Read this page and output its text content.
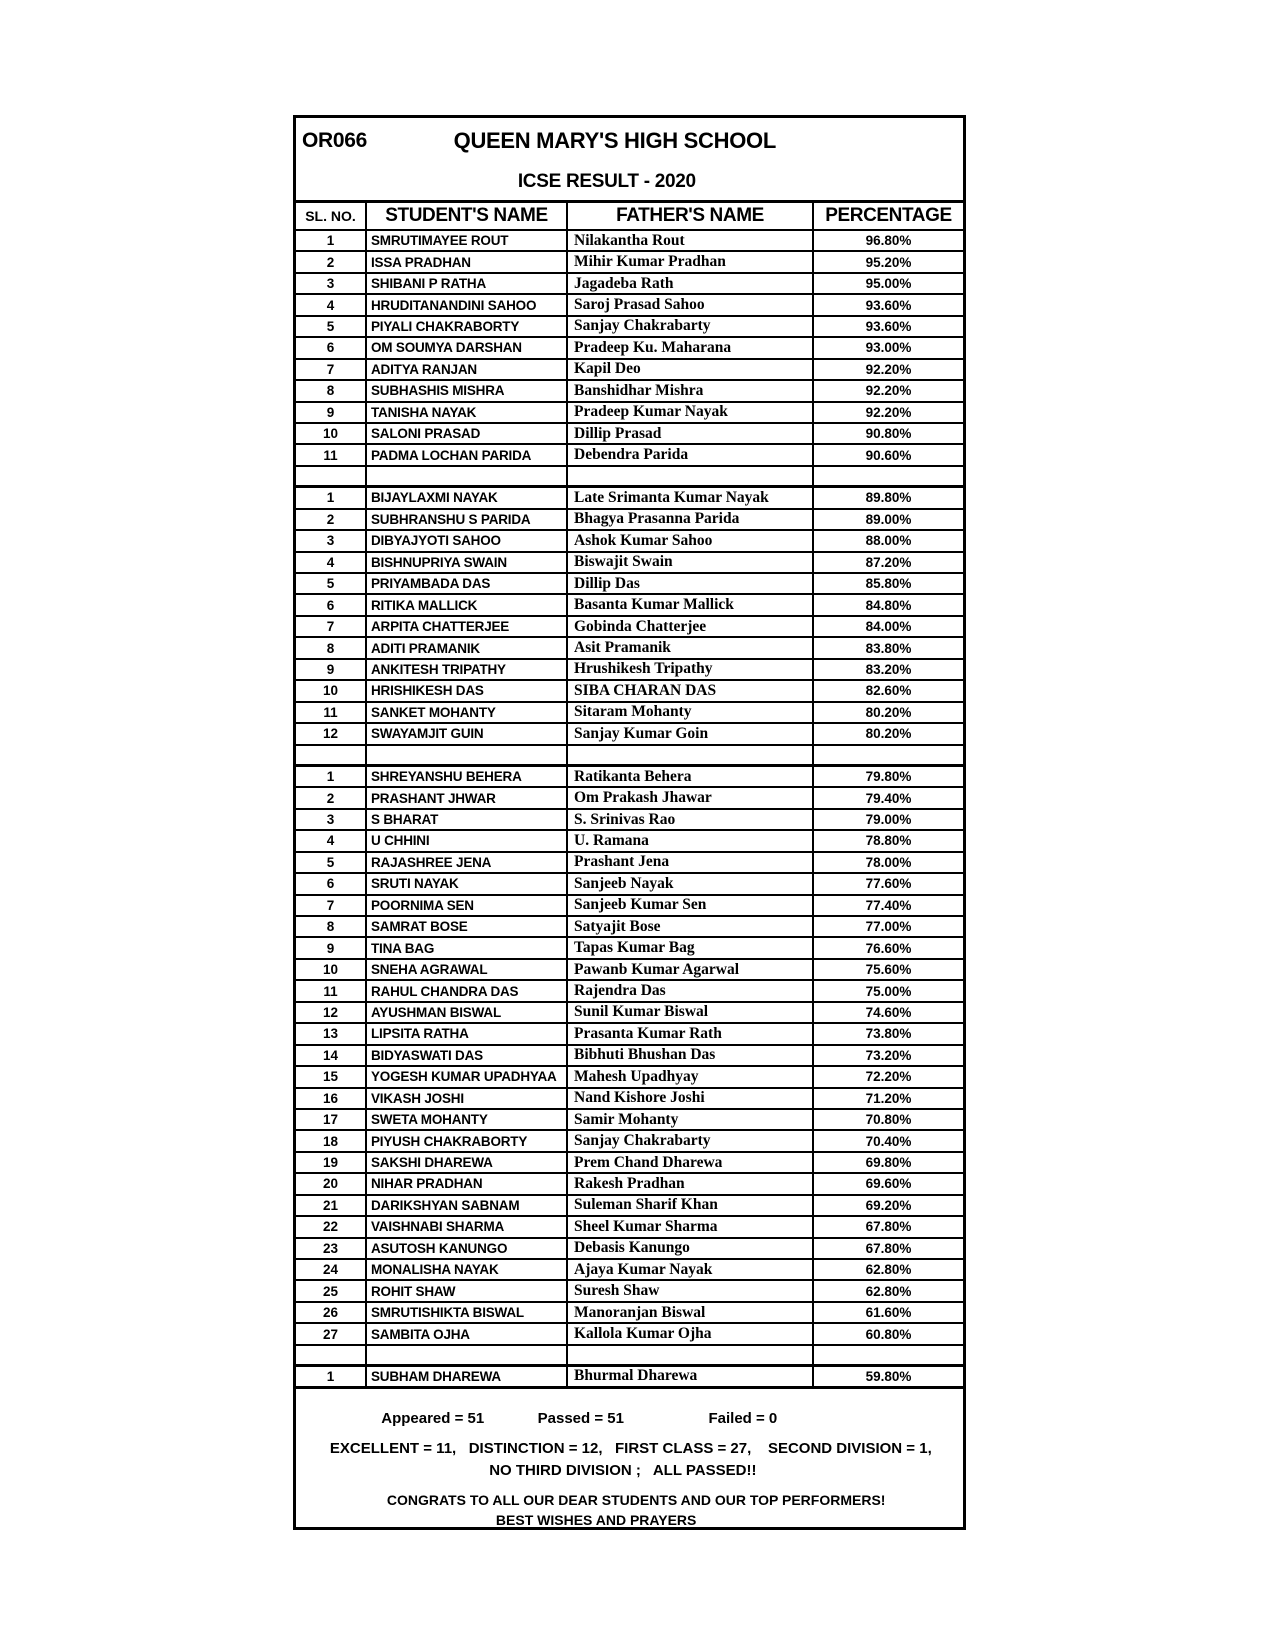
OR066	QUEEN MARY'S HIGH SCHOOL
ICSE RESULT - 2020
SL. NO.	STUDENT'S NAME	FATHER'S NAME	PERCENTAGE
1	SMRUTIMAYEE ROUT	Nilakantha Rout	96.80%
2	ISSA PRADHAN	Mihir Kumar Pradhan	95.20%
3	SHIBANI P RATHA	Jagadeba Rath	95.00%
4	HRUDITANANDINI SAHOO	Saroj Prasad Sahoo	93.60%
5	PIYALI CHAKRABORTY	Sanjay Chakrabarty	93.60%
6	OM SOUMYA DARSHAN	Pradeep Ku. Maharana	93.00%
7	ADITYA RANJAN	Kapil Deo	92.20%
8	SUBHASHIS MISHRA	Banshidhar Mishra	92.20%
9	TANISHA NAYAK	Pradeep Kumar Nayak	92.20%
10	SALONI PRASAD	Dillip Prasad	90.80%
11	PADMA LOCHAN PARIDA	Debendra Parida	90.60%
1	BIJAYLAXMI NAYAK	Late Srimanta Kumar Nayak	89.80%
2	SUBHRANSHU S PARIDA	Bhagya Prasanna Parida	89.00%
3	DIBYAJYOTI SAHOO	Ashok Kumar Sahoo	88.00%
4	BISHNUPRIYA SWAIN	Biswajit Swain	87.20%
5	PRIYAMBADA DAS	Dillip Das	85.80%
6	RITIKA MALLICK	Basanta Kumar Mallick	84.80%
7	ARPITA CHATTERJEE	Gobinda Chatterjee	84.00%
8	ADITI PRAMANIK	Asit Pramanik	83.80%
9	ANKITESH TRIPATHY	Hrushikesh Tripathy	83.20%
10	HRISHIKESH DAS	SIBA CHARAN DAS	82.60%
11	SANKET MOHANTY	Sitaram Mohanty	80.20%
12	SWAYAMJIT GUIN	Sanjay Kumar Goin	80.20%
1	SHREYANSHU BEHERA	Ratikanta Behera	79.80%
2	PRASHANT JHWAR	Om Prakash Jhawar	79.40%
3	S BHARAT	S. Srinivas Rao	79.00%
4	U CHHINI	U. Ramana	78.80%
5	RAJASHREE JENA	Prashant Jena	78.00%
6	SRUTI NAYAK	Sanjeeb Nayak	77.60%
7	POORNIMA SEN	Sanjeeb Kumar Sen	77.40%
8	SAMRAT BOSE	Satyajit Bose	77.00%
9	TINA BAG	Tapas Kumar Bag	76.60%
10	SNEHA AGRAWAL	Pawanb Kumar Agarwal	75.60%
11	RAHUL CHANDRA DAS	Rajendra Das	75.00%
12	AYUSHMAN BISWAL	Sunil Kumar Biswal	74.60%
13	LIPSITA RATHA	Prasanta Kumar Rath	73.80%
14	BIDYASWATI DAS	Bibhuti Bhushan Das	73.20%
15	YOGESH KUMAR UPADHYAA	Mahesh Upadhyay	72.20%
16	VIKASH JOSHI	Nand Kishore Joshi	71.20%
17	SWETA MOHANTY	Samir Mohanty	70.80%
18	PIYUSH CHAKRABORTY	Sanjay Chakrabarty	70.40%
19	SAKSHI DHAREWA	Prem Chand Dharewa	69.80%
20	NIHAR PRADHAN	Rakesh Pradhan	69.60%
21	DARIKSHYAN SABNAM	Suleman Sharif Khan	69.20%
22	VAISHNABI SHARMA	Sheel Kumar Sharma	67.80%
23	ASUTOSH KANUNGO	Debasis Kanungo	67.80%
24	MONALISHA NAYAK	Ajaya Kumar Nayak	62.80%
25	ROHIT SHAW	Suresh Shaw	62.80%
26	SMRUTISHIKTA BISWAL	Manoranjan Biswal	61.60%
27	SAMBITA OJHA	Kallola Kumar Ojha	60.80%
1	SUBHAM DHAREWA	Bhurmal Dharewa	59.80%
Appeared = 51	Passed = 51	Failed = 0
EXCELLENT = 11,   DISTINCTION = 12,   FIRST CLASS = 27,    SECOND DIVISION = 1,
NO THIRD DIVISION ;   ALL PASSED!!
CONGRATS TO ALL OUR DEAR STUDENTS AND OUR TOP PERFORMERS!
BEST WISHES AND PRAYERS
